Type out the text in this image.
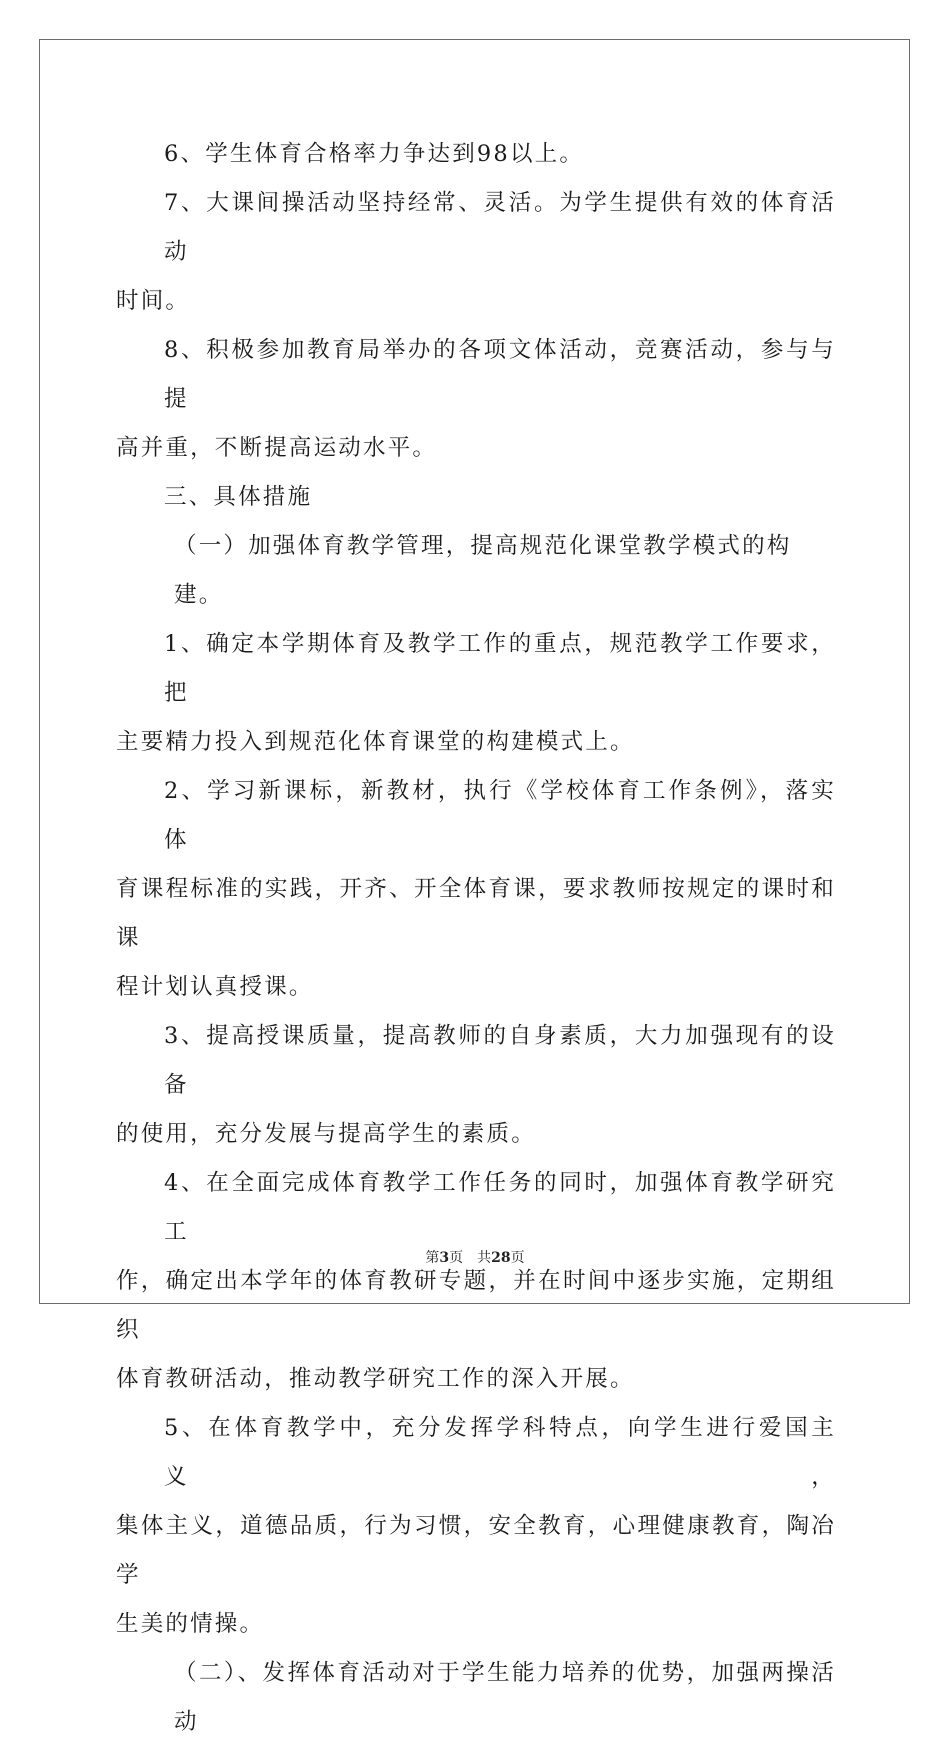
6、学生体育合格率力争达到98以上。
7、大课间操活动坚持经常、灵活。为学生提供有效的体育活动
时间。
8、积极参加教育局举办的各项文体活动，竞赛活动，参与与提
高并重，不断提高运动水平。
三、具体措施
（一）加强体育教学管理，提高规范化课堂教学模式的构建。
1、确定本学期体育及教学工作的重点，规范教学工作要求，把
主要精力投入到规范化体育课堂的构建模式上。
2、学习新课标，新教材，执行《学校体育工作条例》，落实体
育课程标准的实践，开齐、开全体育课，要求教师按规定的课时和课
程计划认真授课。
3、提高授课质量，提高教师的自身素质，大力加强现有的设备
的使用，充分发展与提高学生的素质。
4、在全面完成体育教学工作任务的同时，加强体育教学研究工
作，确定出本学年的体育教研专题，并在时间中逐步实施，定期组织
体育教研活动，推动教学研究工作的深入开展。
5、在体育教学中，充分发挥学科特点，向学生进行爱国主义，
集体主义，道德品质，行为习惯，安全教育，心理健康教育，陶冶学
生美的情操。
（二）、发挥体育活动对于学生能力培养的优势，加强两操活动
第3页 共28页
